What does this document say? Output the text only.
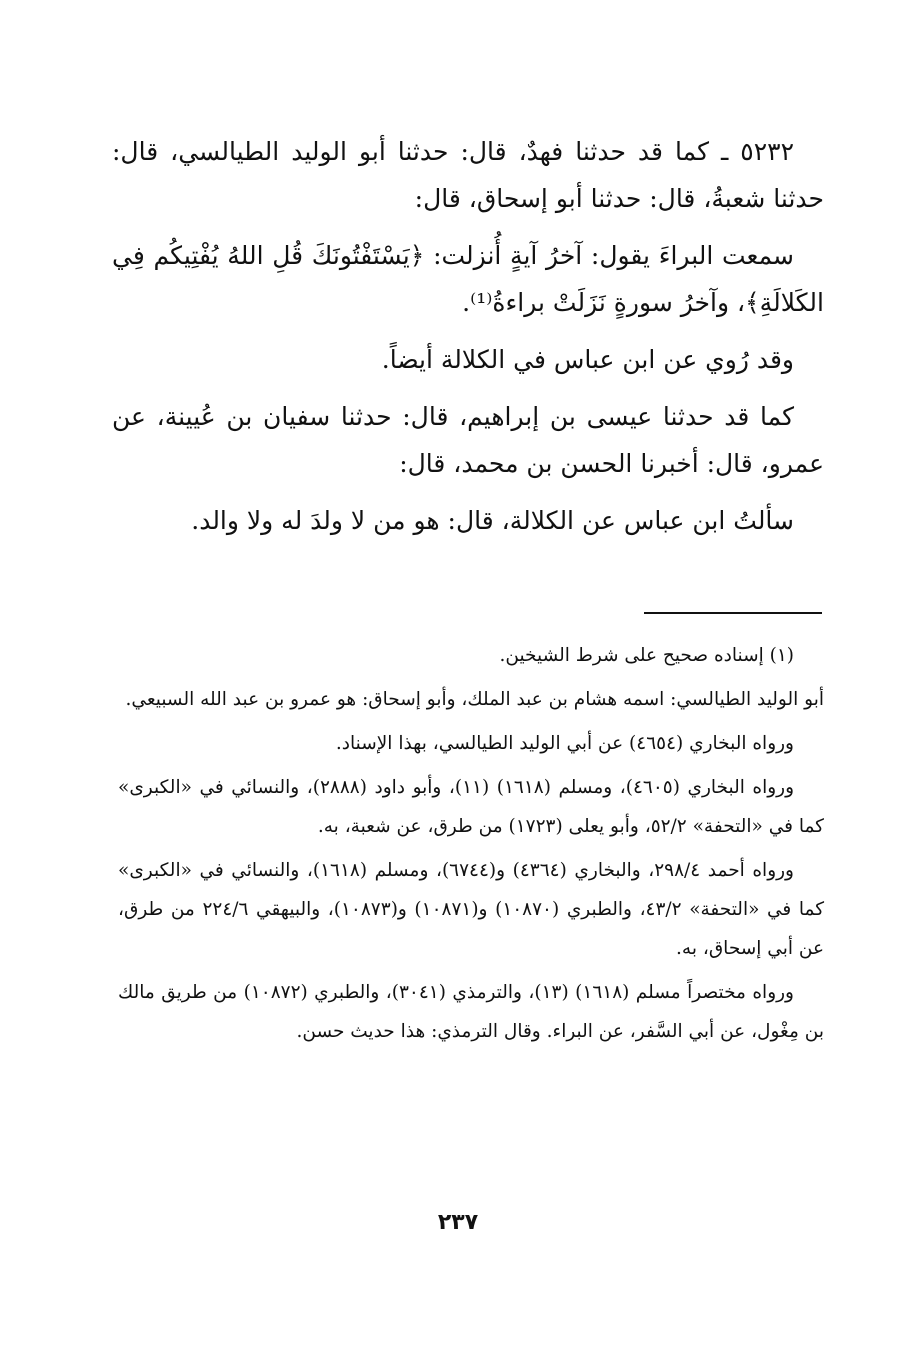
٥٢٣٢ ـ كما قد حدثنا فهدٌ، قال: حدثنا أبو الوليد الطيالسي، قال: حدثنا شعبةُ، قال: حدثنا أبو إسحاق، قال:

سمعت البراءَ يقول: آخرُ آيةٍ أُنزلت: ﴿يَسْتَفْتُونَكَ قُلِ اللهُ يُفْتِيكُم فِي الكَلالَةِ﴾، وآخرُ سورةٍ نَزَلَتْ براءةُ⁽¹⁾.

وقد رُوي عن ابن عباس في الكلالة أيضاً.

كما قد حدثنا عيسى بن إبراهيم، قال: حدثنا سفيان بن عُيينة، عن عمرو، قال: أخبرنا الحسن بن محمد، قال:

سألتُ ابن عباس عن الكلالة، قال: هو من لا ولدَ له ولا والد.

(١) إسناده صحيح على شرط الشيخين.

أبو الوليد الطيالسي: اسمه هشام بن عبد الملك، وأبو إسحاق: هو عمرو بن عبد الله السبيعي.

ورواه البخاري (٤٦٥٤) عن أبي الوليد الطيالسي، بهذا الإسناد.

ورواه البخاري (٤٦٠٥)، ومسلم (١٦١٨) (١١)، وأبو داود (٢٨٨٨)، والنسائي في «الكبرى» كما في «التحفة» ٥٢/٢، وأبو يعلى (١٧٢٣) من طرق، عن شعبة، به.

ورواه أحمد ٢٩٨/٤، والبخاري (٤٣٦٤) و(٦٧٤٤)، ومسلم (١٦١٨)، والنسائي في «الكبرى» كما في «التحفة» ٤٣/٢، والطبري (١٠٨٧٠) و(١٠٨٧١) و(١٠٨٧٣)، والبيهقي ٢٢٤/٦ من طرق، عن أبي إسحاق، به.

ورواه مختصراً مسلم (١٦١٨) (١٣)، والترمذي (٣٠٤١)، والطبري (١٠٨٧٢) من طريق مالك بن مِغْول، عن أبي السَّفر، عن البراء. وقال الترمذي: هذا حديث حسن.

٢٣٧
